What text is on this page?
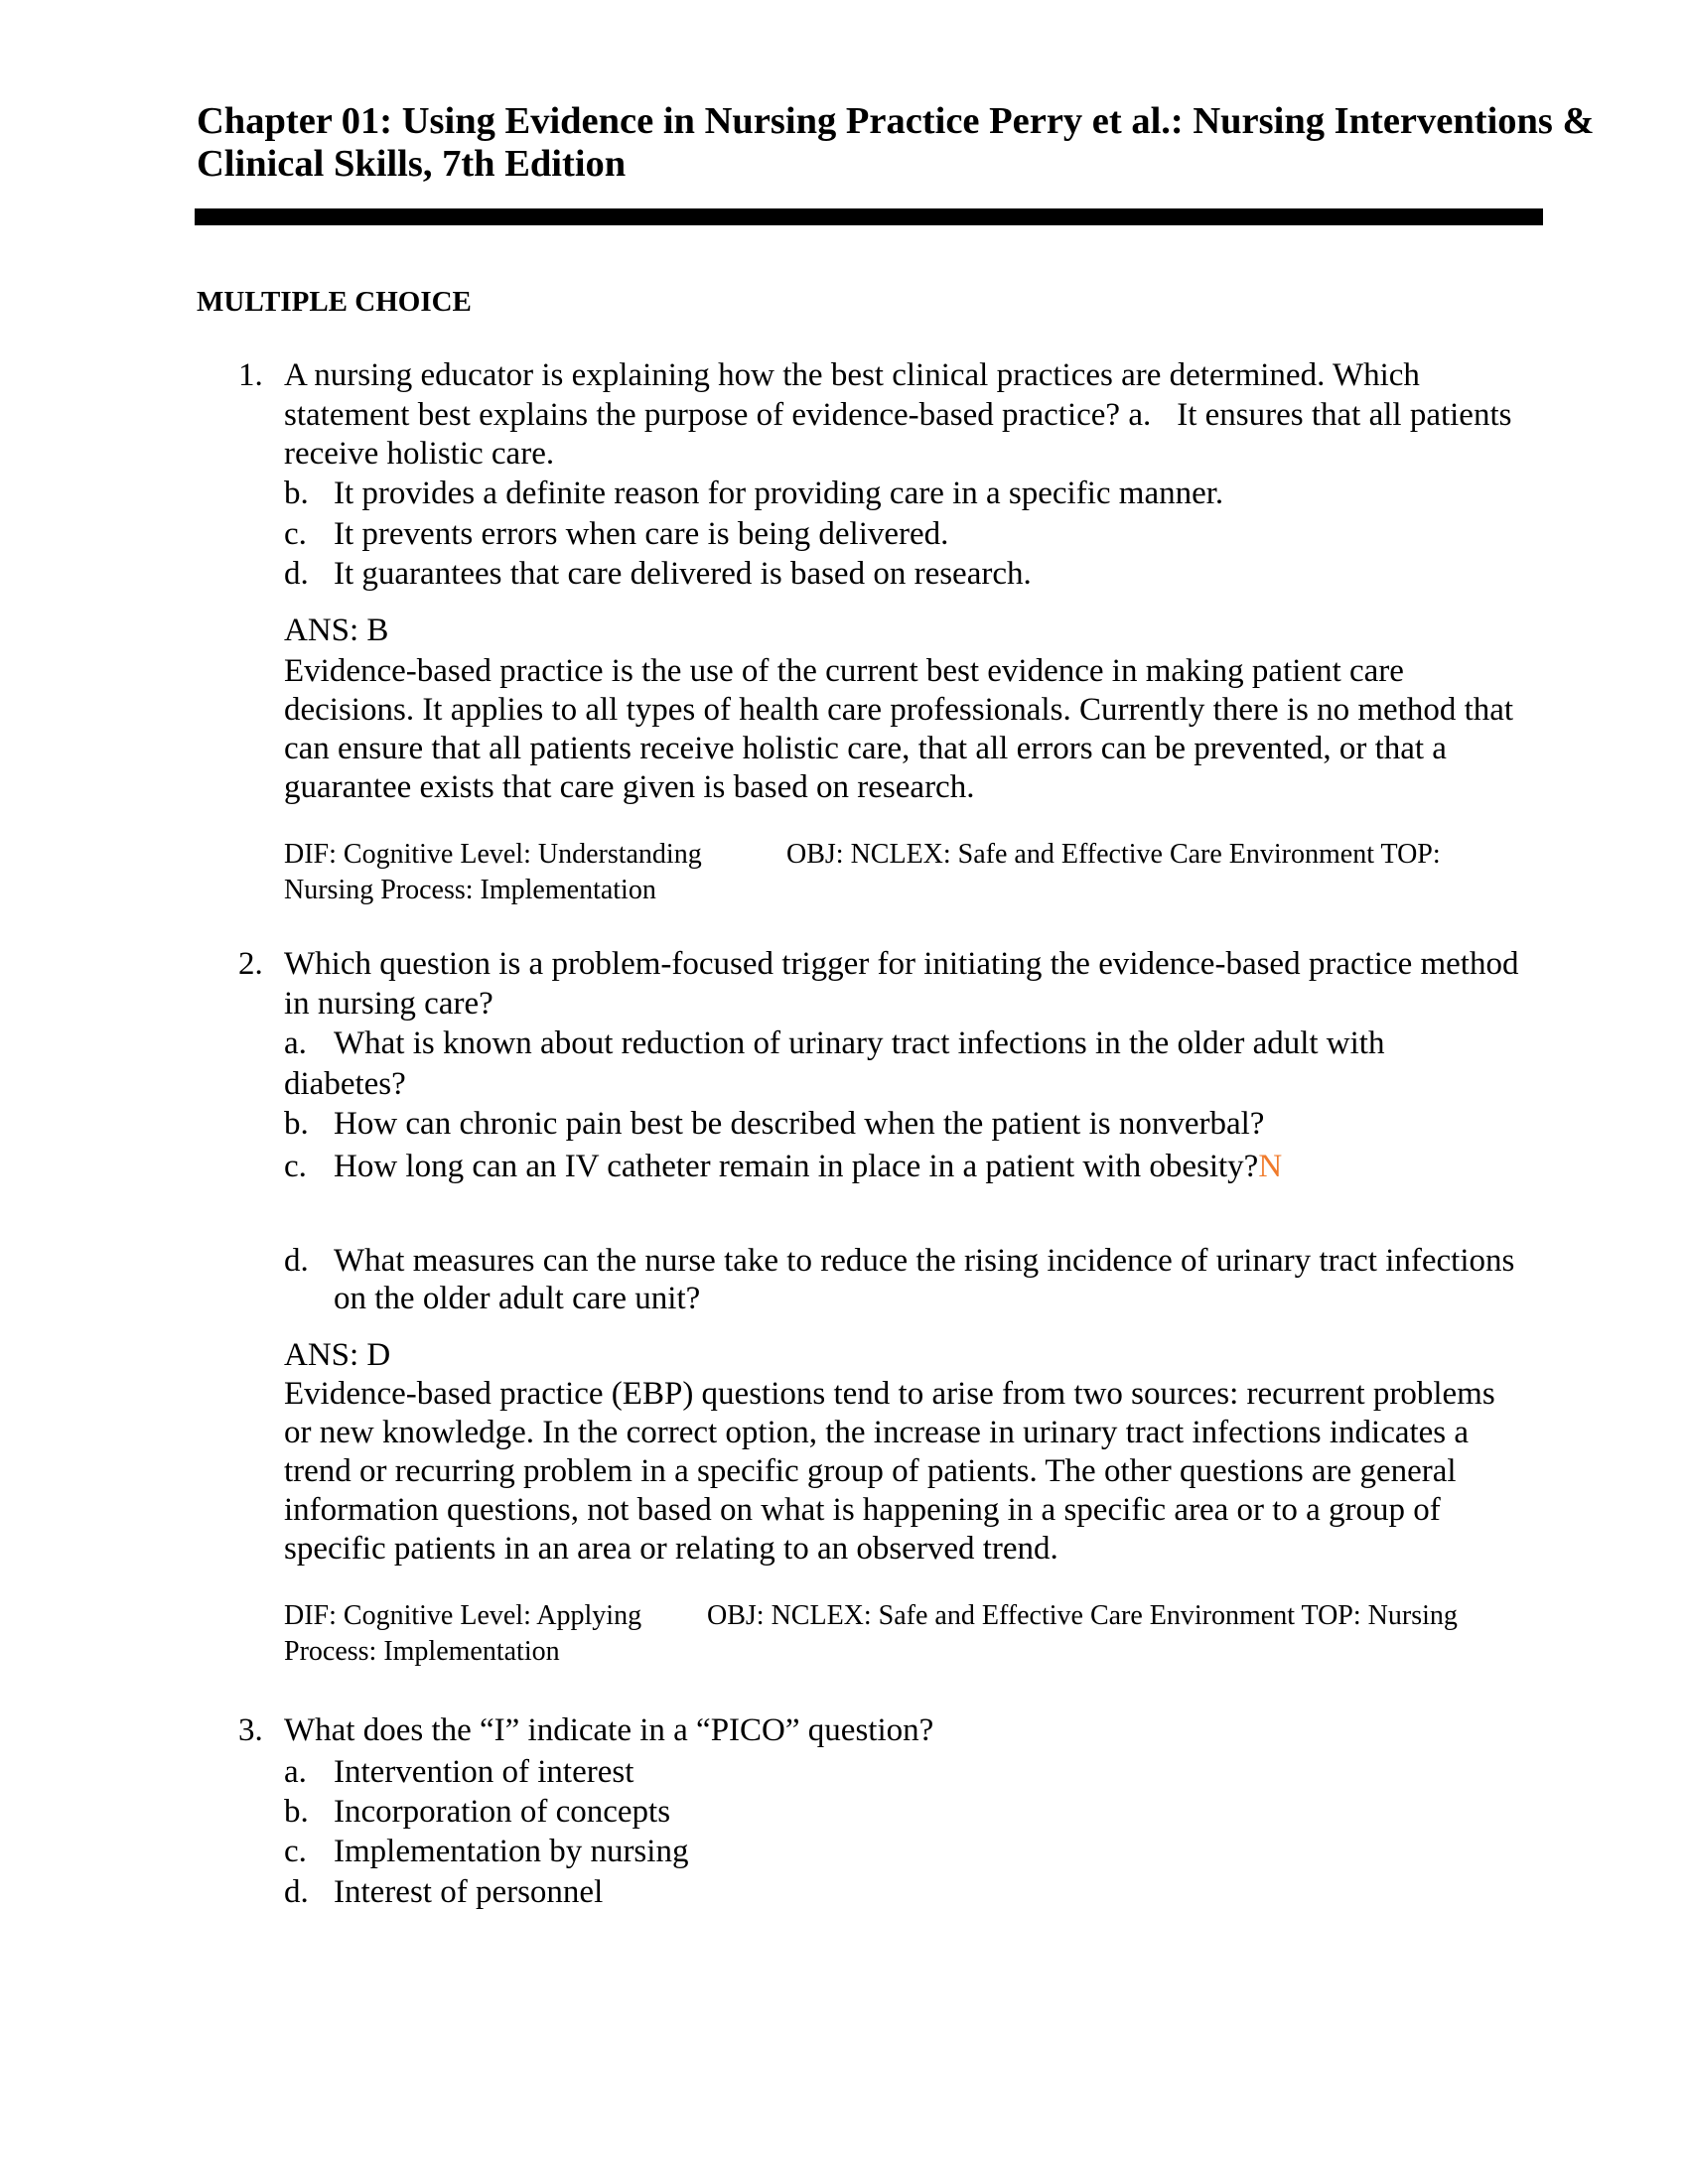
Chapter 01: Using Evidence in Nursing Practice Perry et al.: Nursing Interventions &
Clinical Skills, 7th Edition
MULTIPLE CHOICE
1. A nursing educator is explaining how the best clinical practices are determined. Which
statement best explains the purpose of evidence-based practice? a. It ensures that all patients
receive holistic care.
b. It provides a definite reason for providing care in a specific manner.
c. It prevents errors when care is being delivered.
d. It guarantees that care delivered is based on research.
ANS: B
Evidence-based practice is the use of the current best evidence in making patient care
decisions. It applies to all types of health care professionals. Currently there is no method that
can ensure that all patients receive holistic care, that all errors can be prevented, or that a
guarantee exists that care given is based on research.
DIF: Cognitive Level: Understanding	OBJ: NCLEX: Safe and Effective Care Environment TOP:
Nursing Process: Implementation
2. Which question is a problem-focused trigger for initiating the evidence-based practice method
in nursing care?
a. What is known about reduction of urinary tract infections in the older adult with
diabetes?
b. How can chronic pain best be described when the patient is nonverbal?
c. How long can an IV catheter remain in place in a patient with obesity?N
d. What measures can the nurse take to reduce the rising incidence of urinary tract infections
on the older adult care unit?
ANS: D
Evidence-based practice (EBP) questions tend to arise from two sources: recurrent problems
or new knowledge. In the correct option, the increase in urinary tract infections indicates a
trend or recurring problem in a specific group of patients. The other questions are general
information questions, not based on what is happening in a specific area or to a group of
specific patients in an area or relating to an observed trend.
DIF: Cognitive Level: Applying OBJ: NCLEX: Safe and Effective Care Environment TOP: Nursing
Process: Implementation
3. What does the “I” indicate in a “PICO” question?
a. Intervention of interest
b. Incorporation of concepts
c. Implementation by nursing
d. Interest of personnel
